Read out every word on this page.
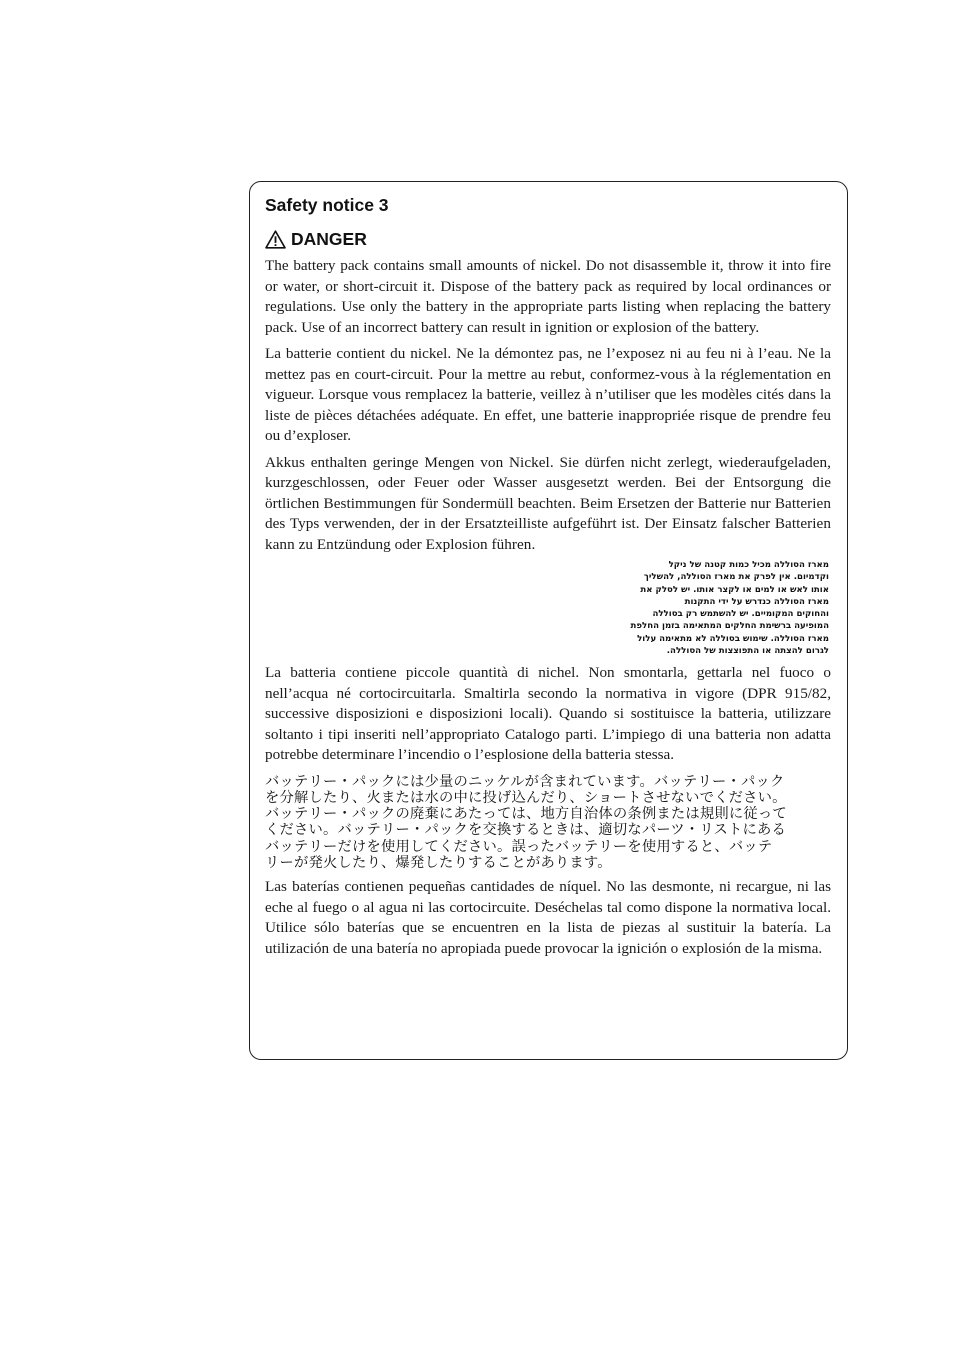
Safety notice 3
DANGER

The battery pack contains small amounts of nickel. Do not disassemble it, throw it into fire or water, or short-circuit it. Dispose of the battery pack as required by local ordinances or regulations. Use only the battery in the appropriate parts listing when replacing the battery pack. Use of an incorrect battery can result in ignition or explosion of the battery.

La batterie contient du nickel. Ne la démontez pas, ne l’exposez ni au feu ni à l’eau. Ne la mettez pas en court-circuit. Pour la mettre au rebut, conformez-vous à la réglementation en vigueur. Lorsque vous remplacez la batterie, veillez à n’utiliser que les modèles cités dans la liste de pièces détachées adéquate. En effet, une batterie inappropriée risque de prendre feu ou d’exploser.

Akkus enthalten geringe Mengen von Nickel. Sie dürfen nicht zerlegt, wiederaufgeladen, kurzgeschlossen, oder Feuer oder Wasser ausgesetzt werden. Bei der Entsorgung die örtlichen Bestimmungen für Sondermüll beachten. Beim Ersetzen der Batterie nur Batterien des Typs verwenden, der in der Ersatzteilliste aufgeführt ist. Der Einsatz falscher Batterien kann zu Entzündung oder Explosion führen.

מארז הסוללה מכיל כמות קטנה של ניקל
וקדמיום. אין לפרק את מארז הסוללה, להשליך
אותו לאש או למים או לקצר אותו. יש לסלק את
מארז הסוללה כנדרש על ידי התקנות
והחוקים המקומיים. יש להשתמש רק בסוללה
המופיעה ברשימת החלקים המתאימה בזמן החלפת
מארז הסוללה. שימוש בסוללה לא מתאימה עלול
לגרום להצתה או התפוצצות של הסוללה.

La batteria contiene piccole quantità di nichel. Non smontarla, gettarla nel fuoco o nell’acqua né cortocircuitarla. Smaltirla secondo la normativa in vigore (DPR 915/82, successive disposizioni e disposizioni locali). Quando si sostituisce la batteria, utilizzare soltanto i tipi inseriti nell’appropriato Catalogo parti. L’impiego di una batteria non adatta potrebbe determinare l’incendio o l’esplosione della batteria stessa.

バッテリー・パックには少量のニッケルが含まれています。バッテリー・パック
を分解したり、火または水の中に投げ込んだり、ショートさせないでください。
バッテリー・パックの廃棄にあたっては、地方自治体の条例または規則に従って
ください。バッテリー・パックを交換するときは、適切なパーツ・リストにある
バッテリーだけを使用してください。誤ったバッテリーを使用すると、バッテ
リーが発火したり、爆発したりすることがあります。

Las baterías contienen pequeñas cantidades de níquel. No las desmonte, ni recargue, ni las eche al fuego o al agua ni las cortocircuite. Deséchelas tal como dispone la normativa local. Utilice sólo baterías que se encuentren en la lista de piezas al sustituir la batería. La utilización de una batería no apropiada puede provocar la ignición o explosión de la misma.
